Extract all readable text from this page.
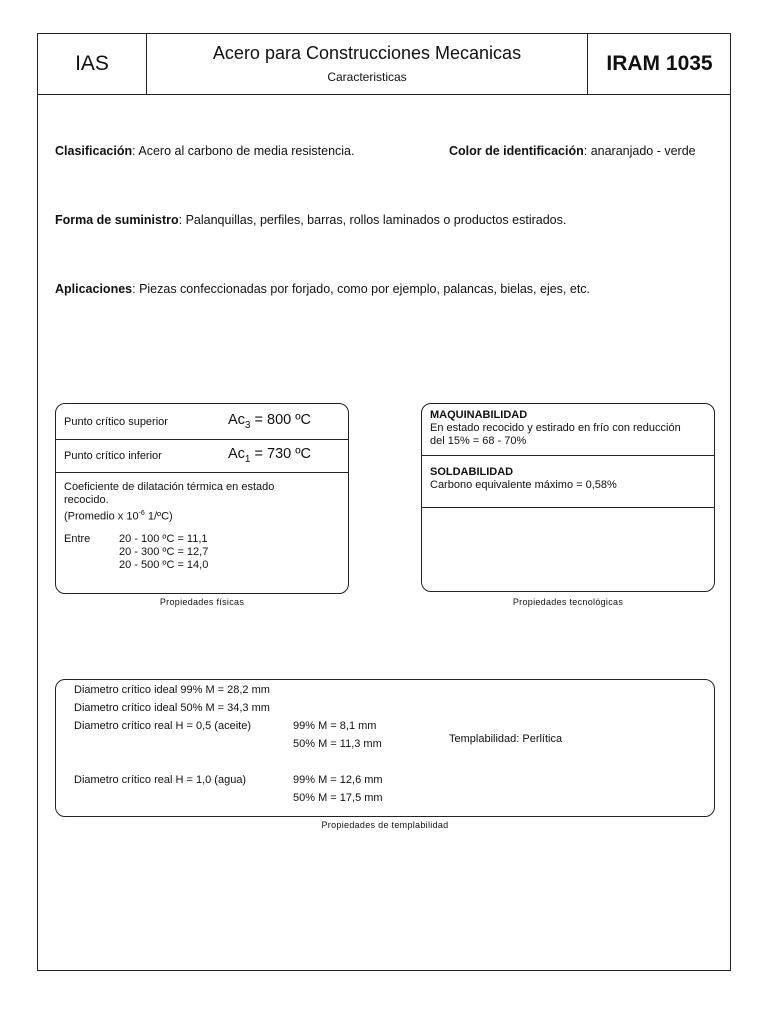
IAS	Acero para Construcciones Mecanicas
Caracteristicas
IRAM 1035
Clasificación: Acero al carbono de media resistencia.	Color de identificación: anaranjado - verde
Forma de suministro: Palanquillas, perfiles, barras, rollos laminados o productos estirados.
Aplicaciones: Piezas confeccionadas por forjado, como por ejemplo, palancas, bielas, ejes, etc.
Punto crítico superior	$Ac_3 = 800$ ºC
Punto crítico inferior	$Ac_1 = 730$ ºC
Coeficiente de dilatación térmica en estado
recocido.
(Promedio x $10^{-6}$ 1/ºC)
Entre	20 - 100 ºC = 11,1
20 - 300 ºC = 12,7
20 - 500 ºC = 14,0
Propiedades físicas
MAQUINABILIDAD
En estado recocido y estirado en frío con reducción
del 15% = 68 - 70%
SOLDABILIDAD
Carbono equivalente máximo = 0,58%
Propiedades tecnológicas
Diametro crítico ideal 99% M = 28,2 mm
Diametro crítico ideal 50% M = 34,3 mm
Diametro crítico real H = 0,5 (aceite)	99% M = 8,1 mm
50% M = 11,3 mm	Templabilidad: Perlítica
Diametro crítico real H = 1,0 (agua)	99% M = 12,6 mm
50% M = 17,5 mm
Propiedades de templabilidad
